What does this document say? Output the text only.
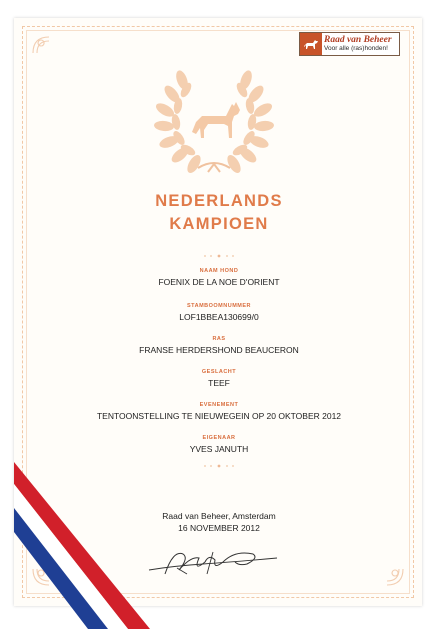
Raad van Beheer
Voor alle (ras)honden!
NEDERLANDS
KAMPIOEN
NAAM HOND
FOENIX DE LA NOE D'ORIENT
STAMBOOMNUMMER
LOF1BBEA130699/0
RAS
FRANSE HERDERSHOND BEAUCERON
GESLACHT
TEEF
EVENEMENT
TENTOONSTELLING TE NIEUWEGEIN OP 20 OKTOBER 2012
EIGENAAR
YVES JANUTH
Raad van Beheer, Amsterdam
16 NOVEMBER 2012
